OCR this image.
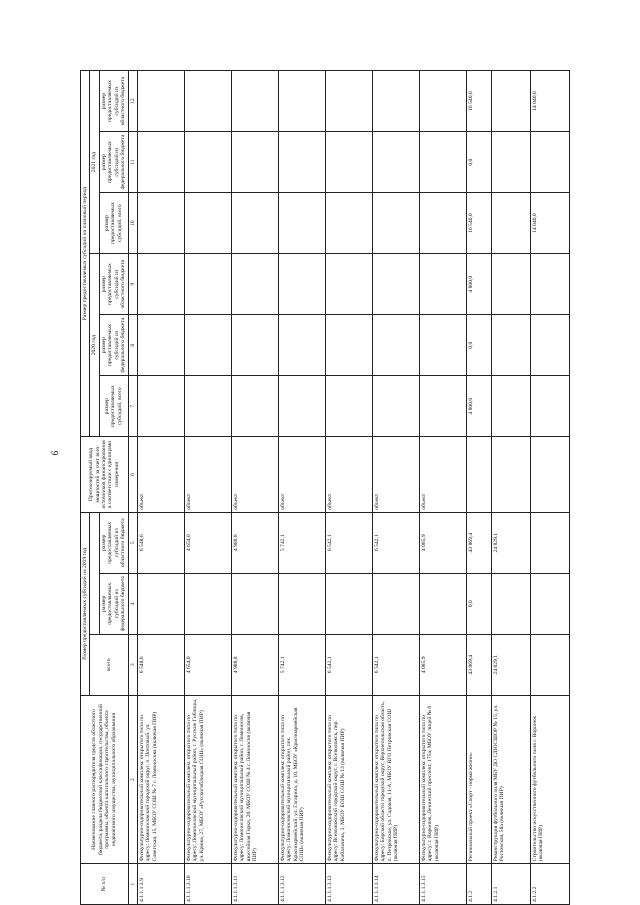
9
№ п/п	Наименование главного распорядителя средств областного бюджета, раздела бюджетной классификации, государственной программы, объекта капитального строительства, объекта недвижимого имущества, муниципального образования	Размер предоставляемых субсидий на 2019 год			Прогнозируемый ввод мощностей за счет всех источников финансирования в соответствии с единицами измерения	Размер предоставляемых субсидий на плановый период					
		всего				2020 год			2021 год		
			размер предоставляемых субсидий из федерального бюджета	размер предоставляемых субсидий из областного бюджета		размер предоставляемых субсидий, всего	размер предоставляемых субсидий из федерального бюджета	размер предоставляемых субсидий из областного бюджета	размер предоставляемых субсидий, всего	размер предоставляемых субсидий из федерального бюджета	размер предоставляемых субсидий из областного бюджета
1	2	3	4	5	6	7	8	9	10	11	12
4.1.1.1.3.9	Физкультурно-оздоровительный комплекс открытого типа по адресу: Ломоносовский городской округ, п. Почтовый, ул. Советская, 15, МБОУ СОШ № 7 г. Ломоносова (включая ПИР)	6 548,6		6 548,6	объект						
4.1.1.1.3.10	Физкультурно-оздоровительный комплекс открытого типа по адресу: Ломоносовский муниципальный район, г. Русские Гиблицы, ул. Крюка, 27, МБОУ «Русскогиблицкая СОШ» (включая ПИР)	4 654,0		4 654,0	объект						
4.1.1.1.3.11	Физкультурно-оздоровительный комплекс открытого типа по адресу: Ломоносовский муниципальный район, г. Ломоносов, шоссейная Горки, 20, МБОУ СОШ № 4 г. Ломоносов (включая ПИР)	4 988,8		4 988,8	объект						
4.1.1.1.3.12	Физкультурно-оздоровительный комплекс открытого типа по адресу: Ломоносовский муниципальный район, пос. Красноармейский, ул. Гагарина, д. 10, МБОУ «Красноармейская СОШ» (включая ПИР)	5 742,1		5 742,1	объект						
4.1.1.1.3.13	Физкультурно-оздоровительный комплекс открытого типа по адресу: Всеволожский городской округ, г. Всеволожск, пер. Кибальчича, 1, МБОУ БОШ СОШ № 13 (включая ПИР)	6 542,1		6 542,1	объект						
4.1.1.1.3.14	Физкультурно-оздоровительный комплекс открытого типа по адресу: Борской области городской округ, Верхнепольская область, п. Петровское, ул. Садовая, 11-А, МБОУ ВГО Петровская СОШ (включая ПИР)	6 542,1		6 542,1	объект						
4.1.1.1.3.15	Физкультурно-оздоровительный комплекс открытого типа по адресу: г. Воронеж, Ленинский проспект, 175а, МБОУ лицей № 6 (включая ПИР)	4 085,9		4 085,9	объект						
4.1.2	Региональный проект «Спорт - норма жизни»	43 869,4	0,0	43 869,4		4 800,0	0,0	4 800,0	16 540,0	0,0	16 540,0
4.1.2.1	Реконструкция футбольного поля МБУ ДО СДЮСШОР № 15, ул. Ростовская, 58а (включая ПИР)	24 829,1		24 829,1							
4.1.2.2	Строительство искусственного футбольного поля г. Воронеж (включая ПИР)								14 040,0		14 040,0
